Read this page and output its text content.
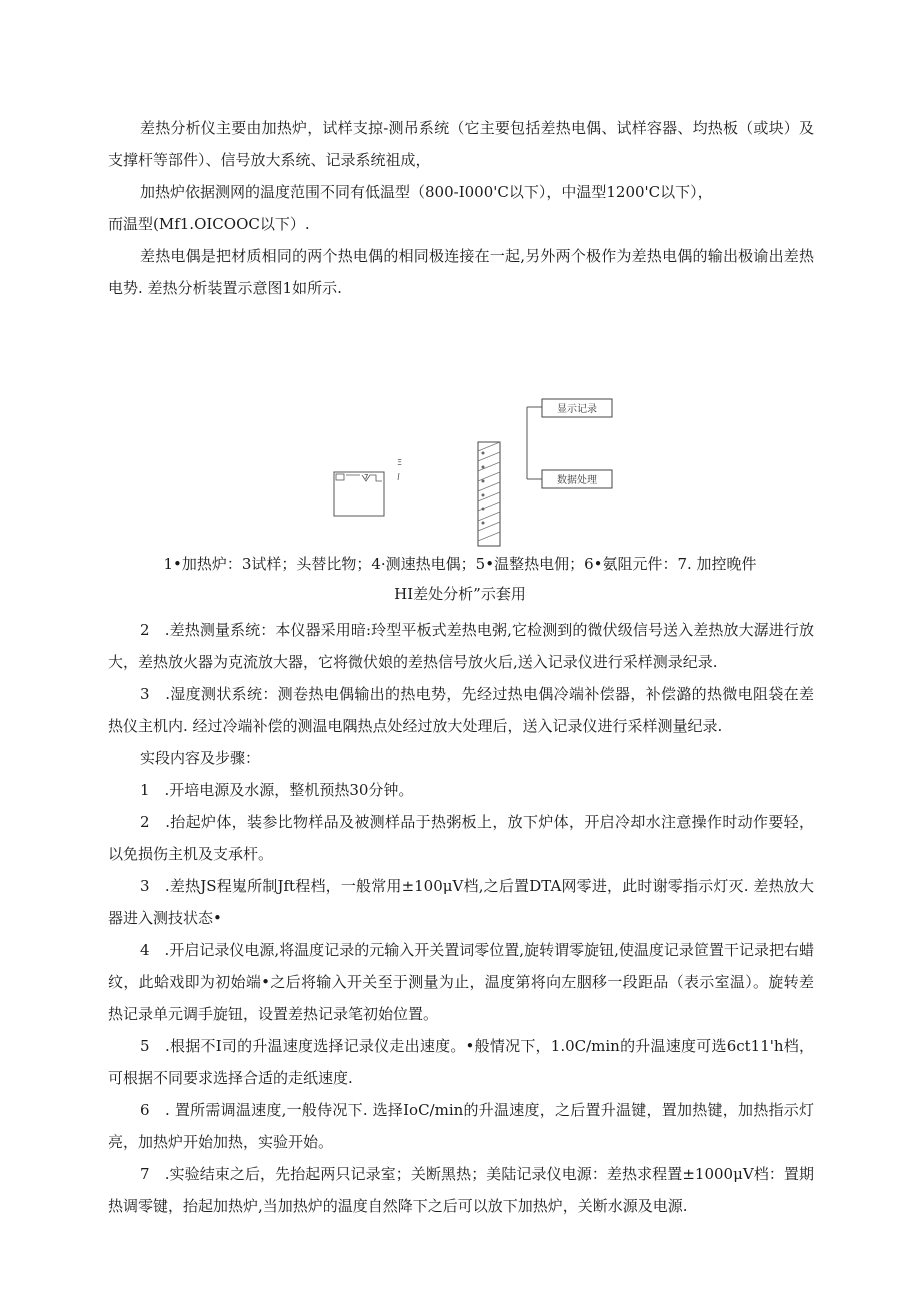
差热分析仪主要由加热炉，试样支掠-测吊系统（它主要包括差热电偶、试样容器、均热板（或块）及支撑杆等部件）、信号放大系统、记录系统祖成，

加热炉依据测网的温度范围不同有低温型（800-I000'C以下），中温型1200'C以下），

而温型(Mf1.OICOOC以下）.

差热电偶是把材质相同的两个热电偶的相同极连接在一起,另外两个极作为差热电偶的输出极谕出差热电势. 差热分析装置示意图1如所示.

7
Ξ
显示记录
数据处理

1•加热炉：3试样；头替比物；4·测速热电偶；5•温整热电佣；6•氨阻元件：7. 加控晚件

HI差处分析”示套用

2　.差热测量系统：本仪器采用暗:玲型平板式差热电粥,它检测到的微伏级信号送入差热放大潺进行放大，差热放火器为克流放大器，它将微伏娘的差热信号放火后,送入记录仪进行采样测录纪录.

3　.湿度测状系统：测卷热电偶输出的热电势，先经过热电偶冷端补偿器，补偿潞的热微电阻袋在差热仪主机内. 经过冷端补偿的测温电隅热点处经过放大处理后，送入记录仪进行采样测量纪录.

实段内容及步骤：

1　.开培电源及水源，整机预热30分钟。

2　.抬起炉体，装参比物样品及被测样品于热粥板上，放下炉体，开启冷却水注意操作时动作要轻，以免损伤主机及支承杆。

3　.差热JS程嵬所制Jft程档，一般常用±100μV档,之后置DTA网零进，此时谢零指示灯灭. 差热放大器进入测技状态•

4　.开启记录仪电源,将温度记录的元输入开关置词零位置,旋转谓零旋钮,使温度记录笸置干记录把右蜡纹，此蛤戏即为初始端•之后将输入开关至于测量为止，温度第将向左胭移一段距品（表示室温）。旋转差热记录单元调手旋钮，设置差热记录笔初始位置。

5　.根据不I司的升温速度选择记录仪走出速度。•般情况下，1.0C∕min的升温速度可选6ct11'h档，可根据不同要求选择合适的走纸速度.

6　. 置所需调温速度,一般侍况下. 选择IoC∕min的升温速度，之后置升温键，置加热键，加热指示灯亮，加热炉开始加热，实验开始。

7　.实验结束之后，先抬起两只记录室；关断黑热；美陆记录仪电源：差热求程置±1000μV档：置期热调零键，抬起加热炉,当加热炉的温度自然降下之后可以放下加热炉，关断水源及电源.
